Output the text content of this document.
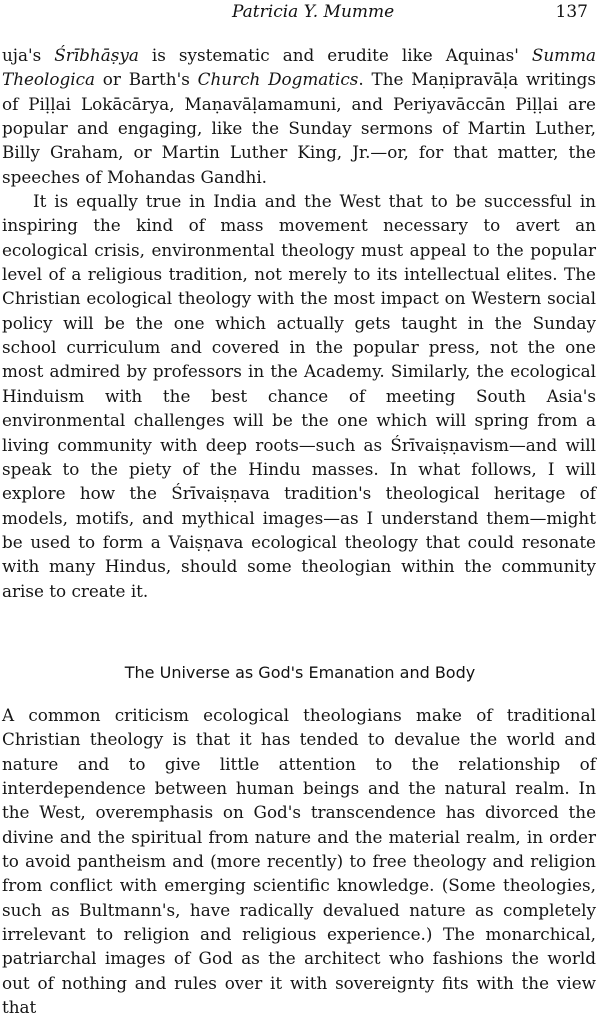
Patricia Y. Mumme	137

uja's Śrībhāṣya is systematic and erudite like Aquinas' Summa Theologica or Barth's Church Dogmatics. The Maṇipravāḷa writings of Piḷḷai Lokācārya, Maṇavāḷamamuni, and Periyavāccān Piḷḷai are popular and engaging, like the Sunday sermons of Martin Luther, Billy Graham, or Martin Luther King, Jr.—or, for that matter, the speeches of Mohandas Gandhi.

It is equally true in India and the West that to be successful in inspiring the kind of mass movement necessary to avert an ecological crisis, environmental theology must appeal to the popular level of a religious tradition, not merely to its intellectual elites. The Christian ecological theology with the most impact on Western social policy will be the one which actually gets taught in the Sunday school curriculum and covered in the popular press, not the one most admired by professors in the Academy. Similarly, the ecological Hinduism with the best chance of meeting South Asia's environmental challenges will be the one which will spring from a living community with deep roots—such as Śrīvaiṣṇavism—and will speak to the piety of the Hindu masses. In what follows, I will explore how the Śrīvaiṣṇava tradition's theological heritage of models, motifs, and mythical images—as I understand them—might be used to form a Vaiṣṇava ecological theology that could resonate with many Hindus, should some theologian within the community arise to create it.

The Universe as God's Emanation and Body

A common criticism ecological theologians make of traditional Christian theology is that it has tended to devalue the world and nature and to give little attention to the relationship of interdependence between human beings and the natural realm. In the West, overemphasis on God's transcendence has divorced the divine and the spiritual from nature and the material realm, in order to avoid pantheism and (more recently) to free theology and religion from conflict with emerging scientific knowledge. (Some theologies, such as Bultmann's, have radically devalued nature as completely irrelevant to religion and religious experience.) The monarchical, patriarchal images of God as the architect who fashions the world out of nothing and rules over it with sovereignty fits with the view that
